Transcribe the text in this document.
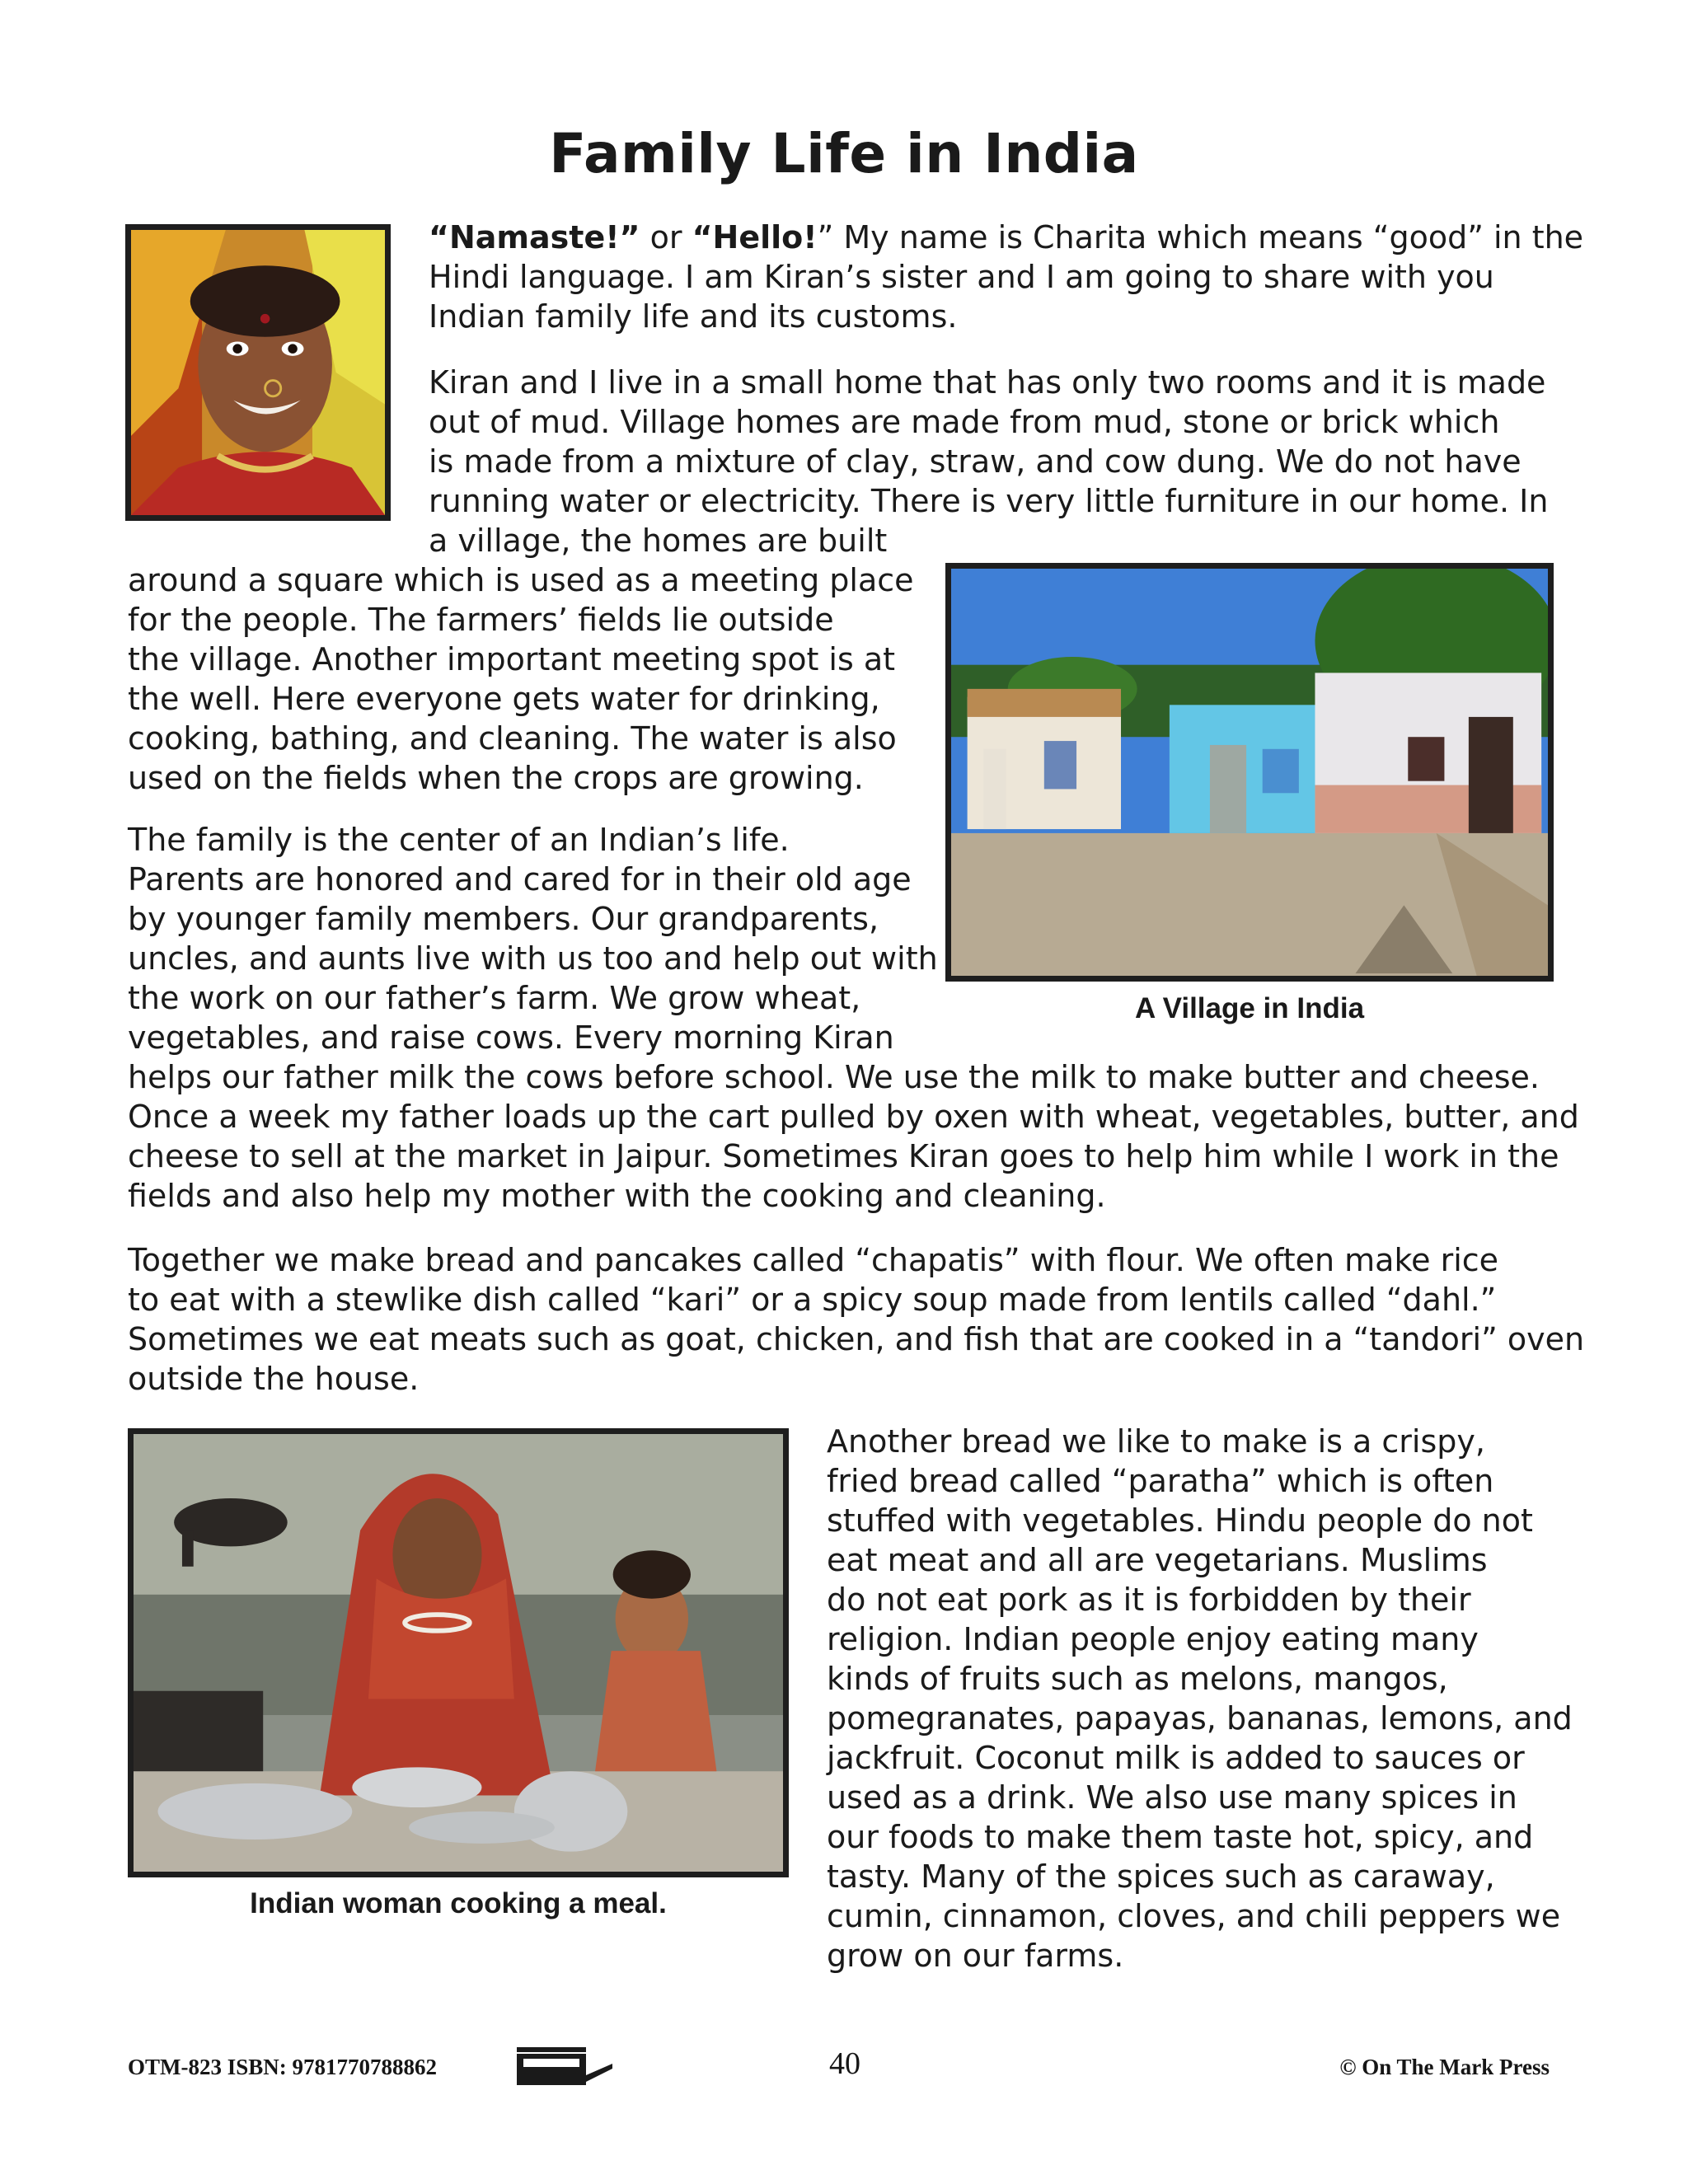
Family Life in India
“Namaste!” or “Hello!” My name is Charita which means “good” in the
Hindi language. I am Kiran’s sister and I am going to share with you
Indian family life and its customs.
Kiran and I live in a small home that has only two rooms and it is made
out of mud. Village homes are made from mud, stone or brick which
is made from a mixture of clay, straw, and cow dung. We do not have
running water or electricity. There is very little furniture in our home. In
a village, the homes are built
around a square which is used as a meeting place
for the people. The farmers’ fields lie outside
the village. Another important meeting spot is at
the well. Here everyone gets water for drinking,
cooking, bathing, and cleaning. The water is also
used on the fields when the crops are growing.
A Village in India
The family is the center of an Indian’s life.
Parents are honored and cared for in their old age
by younger family members. Our grandparents,
uncles, and aunts live with us too and help out with
the work on our father’s farm. We grow wheat,
vegetables, and raise cows. Every morning Kiran
helps our father milk the cows before school. We use the milk to make butter and cheese.
Once a week my father loads up the cart pulled by oxen with wheat, vegetables, butter, and
cheese to sell at the market in Jaipur. Sometimes Kiran goes to help him while I work in the
fields and also help my mother with the cooking and cleaning.
Together we make bread and pancakes called “chapatis” with flour. We often make rice
to eat with a stewlike dish called “kari” or a spicy soup made from lentils called “dahl.”
Sometimes we eat meats such as goat, chicken, and fish that are cooked in a “tandori” oven
outside the house.
Indian woman cooking a meal.
Another bread we like to make is a crispy,
fried bread called “paratha” which is often
stuffed with vegetables. Hindu people do not
eat meat and all are vegetarians. Muslims
do not eat pork as it is forbidden by their
religion. Indian people enjoy eating many
kinds of fruits such as melons, mangos,
pomegranates, papayas, bananas, lemons, and
jackfruit. Coconut milk is added to sauces or
used as a drink. We also use many spices in
our foods to make them taste hot, spicy, and
tasty. Many of the spices such as caraway,
cumin, cinnamon, cloves, and chili peppers we
grow on our farms.
OTM-823 ISBN: 9781770788862	40	© On The Mark Press
